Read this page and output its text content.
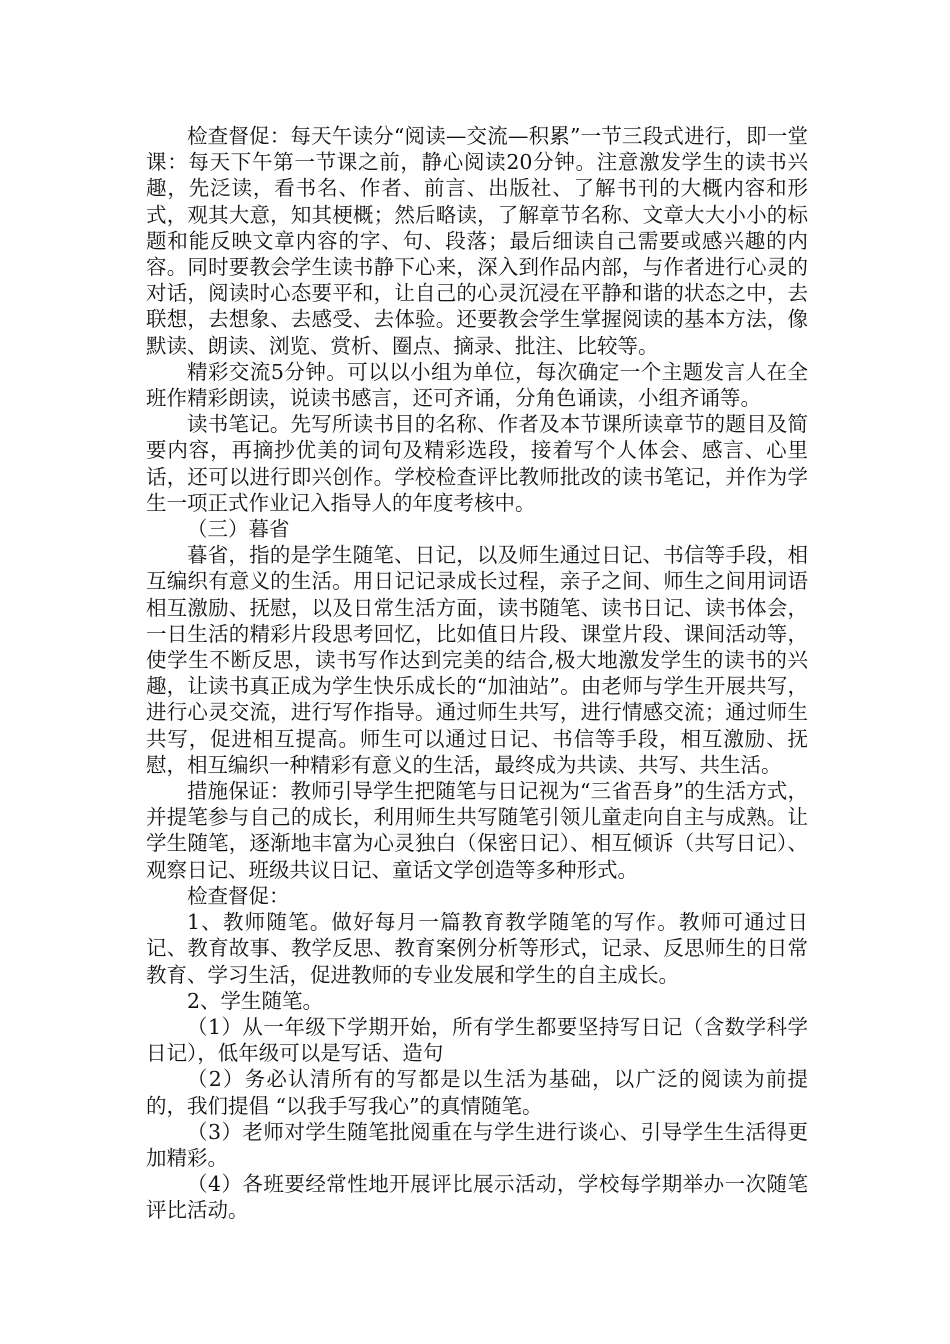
检查督促：每天午读分“阅读—交流—积累”一节三段式进行，即一堂课：每天下午第一节课之前，静心阅读20分钟。注意激发学生的读书兴趣，先泛读，看书名、作者、前言、出版社、了解书刊的大概内容和形式，观其大意，知其梗概；然后略读，了解章节名称、文章大大小小的标题和能反映文章内容的字、句、段落；最后细读自己需要或感兴趣的内容。同时要教会学生读书静下心来，深入到作品内部，与作者进行心灵的对话，阅读时心态要平和，让自己的心灵沉浸在平静和谐的状态之中，去联想，去想象、去感受、去体验。还要教会学生掌握阅读的基本方法，像默读、朗读、浏览、赏析、圈点、摘录、批注、比较等。

精彩交流5分钟。可以以小组为单位，每次确定一个主题发言人在全班作精彩朗读，说读书感言，还可齐诵，分角色诵读，小组齐诵等。

读书笔记。先写所读书目的名称、作者及本节课所读章节的题目及简要内容，再摘抄优美的词句及精彩选段，接着写个人体会、感言、心里话，还可以进行即兴创作。学校检查评比教师批改的读书笔记，并作为学生一项正式作业记入指导人的年度考核中。

（三）暮省

暮省，指的是学生随笔、日记，以及师生通过日记、书信等手段，相互编织有意义的生活。用日记记录成长过程，亲子之间、师生之间用词语相互激励、抚慰，以及日常生活方面，读书随笔、读书日记、读书体会，一日生活的精彩片段思考回忆，比如值日片段、课堂片段、课间活动等，使学生不断反思，读书写作达到完美的结合,极大地激发学生的读书的兴趣，让读书真正成为学生快乐成长的“加油站”。由老师与学生开展共写，进行心灵交流，进行写作指导。通过师生共写，进行情感交流；通过师生共写，促进相互提高。师生可以通过日记、书信等手段，相互激励、抚慰，相互编织一种精彩有意义的生活，最终成为共读、共写、共生活。

措施保证：教师引导学生把随笔与日记视为“三省吾身”的生活方式，并提笔参与自己的成长，利用师生共写随笔引领儿童走向自主与成熟。让学生随笔，逐渐地丰富为心灵独白（保密日记）、相互倾诉（共写日记）、观察日记、班级共议日记、童话文学创造等多种形式。

检查督促：

1、教师随笔。做好每月一篇教育教学随笔的写作。教师可通过日记、教育故事、教学反思、教育案例分析等形式，记录、反思师生的日常教育、学习生活，促进教师的专业发展和学生的自主成长。

2、学生随笔。

（1）从一年级下学期开始，所有学生都要坚持写日记（含数学科学日记），低年级可以是写话、造句

（2）务必认清所有的写都是以生活为基础，以广泛的阅读为前提的，我们提倡 “以我手写我心”的真情随笔。

（3）老师对学生随笔批阅重在与学生进行谈心、引导学生生活得更加精彩。

（4）各班要经常性地开展评比展示活动，学校每学期举办一次随笔评比活动。
